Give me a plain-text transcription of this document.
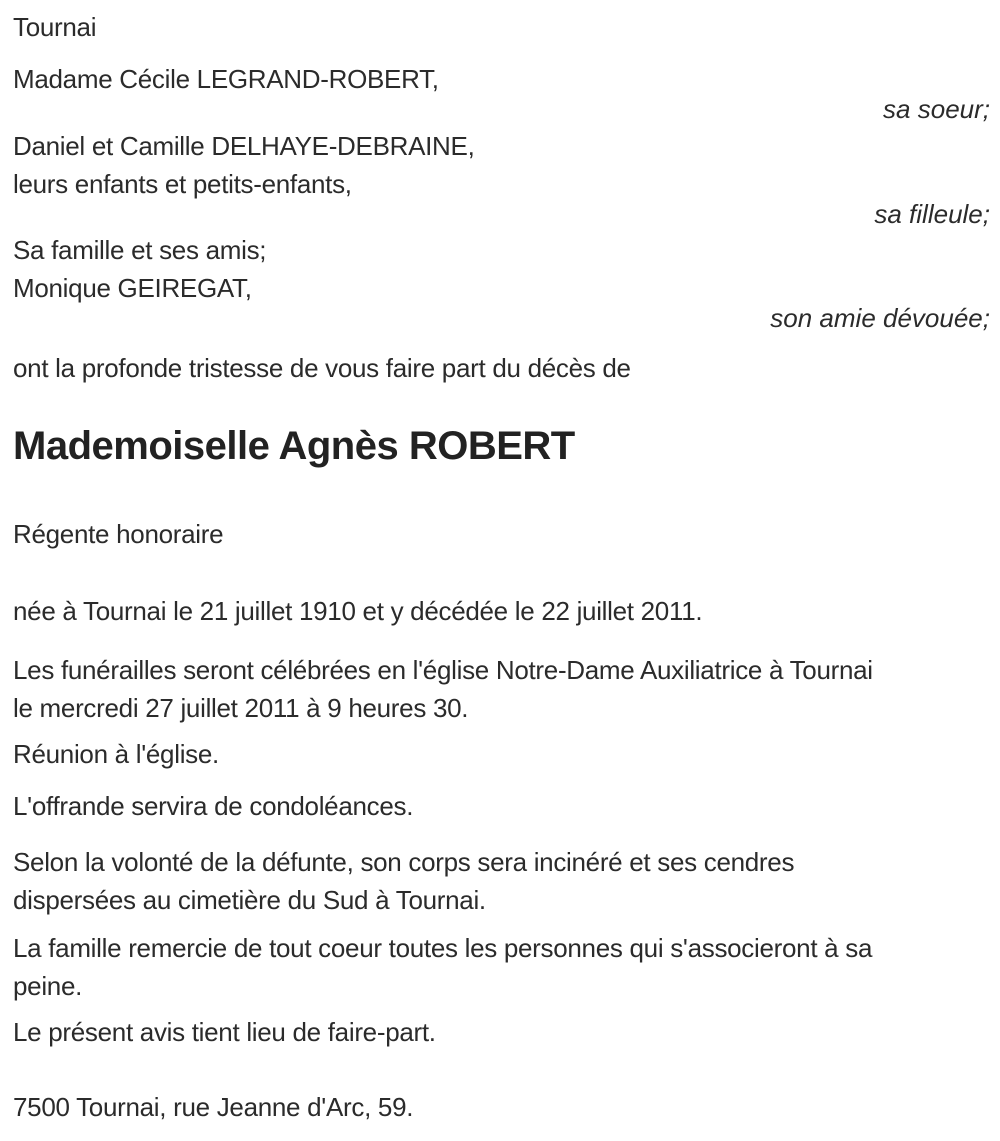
Tournai
Madame Cécile LEGRAND-ROBERT,
sa soeur;
Daniel et Camille DELHAYE-DEBRAINE,
leurs enfants et petits-enfants,
sa filleule;
Sa famille et ses amis;
Monique GEIREGAT,
son amie dévouée;
ont la profonde tristesse de vous faire part du décès de
Mademoiselle Agnès ROBERT
Régente honoraire
née à Tournai le 21 juillet 1910 et y décédée le 22 juillet 2011.

Les funérailles seront célébrées en l'église Notre-Dame Auxiliatrice à Tournai le mercredi 27 juillet 2011 à 9 heures 30.

Réunion à l'église.
L'offrande servira de condoléances.

Selon la volonté de la défunte, son corps sera incinéré et ses cendres dispersées au cimetière du Sud à Tournai.

La famille remercie de tout coeur toutes les personnes qui s'associeront à sa peine.

Le présent avis tient lieu de faire-part.
7500 Tournai, rue Jeanne d'Arc, 59.
